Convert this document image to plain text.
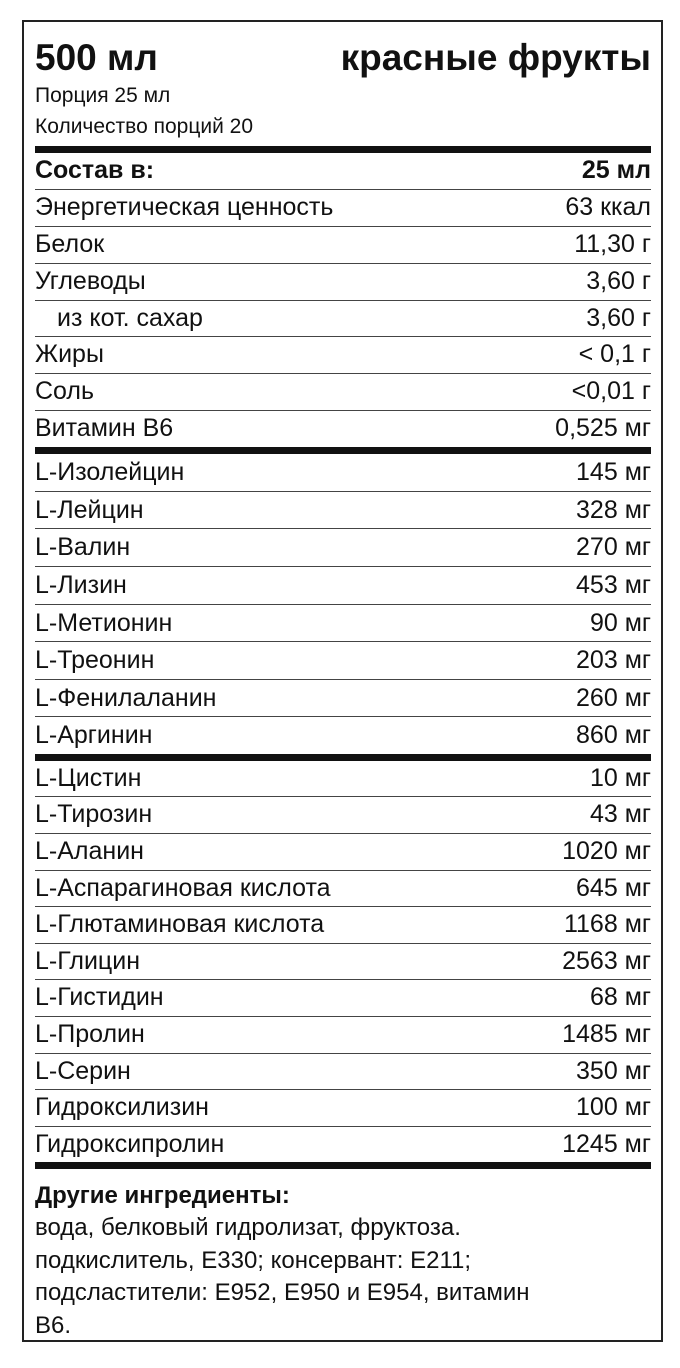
500 мл	красные фрукты
Порция 25 мл
Количество порций 20
Состав в:	25 мл
Энергетическая ценность	63 ккал
Белок	11,30 г
Углеводы	3,60 г
из кот. сахар	3,60 г
Жиры	< 0,1 г
Соль	<0,01 г
Витамин В6	0,525 мг
L-Изолейцин	145 мг
L-Лейцин	328 мг
L-Валин	270 мг
L-Лизин	453 мг
L-Метионин	90 мг
L-Треонин	203 мг
L-Фенилаланин	260 мг
L-Аргинин	860 мг
L-Цистин	10 мг
L-Тирозин	43 мг
L-Аланин	1020 мг
L-Аспарагиновая кислота	645 мг
L-Глютаминовая кислота	1168 мг
L-Глицин	2563 мг
L-Гистидин	68 мг
L-Пролин	1485 мг
L-Серин	350 мг
Гидроксилизин	100 мг
Гидроксипролин	1245 мг
Другие ингредиенты:
вода, белковый гидролизат, фруктоза.
подкислитель, Е330; консервант: Е211;
подсластители: Е952, Е950 и Е954, витамин
В6.
